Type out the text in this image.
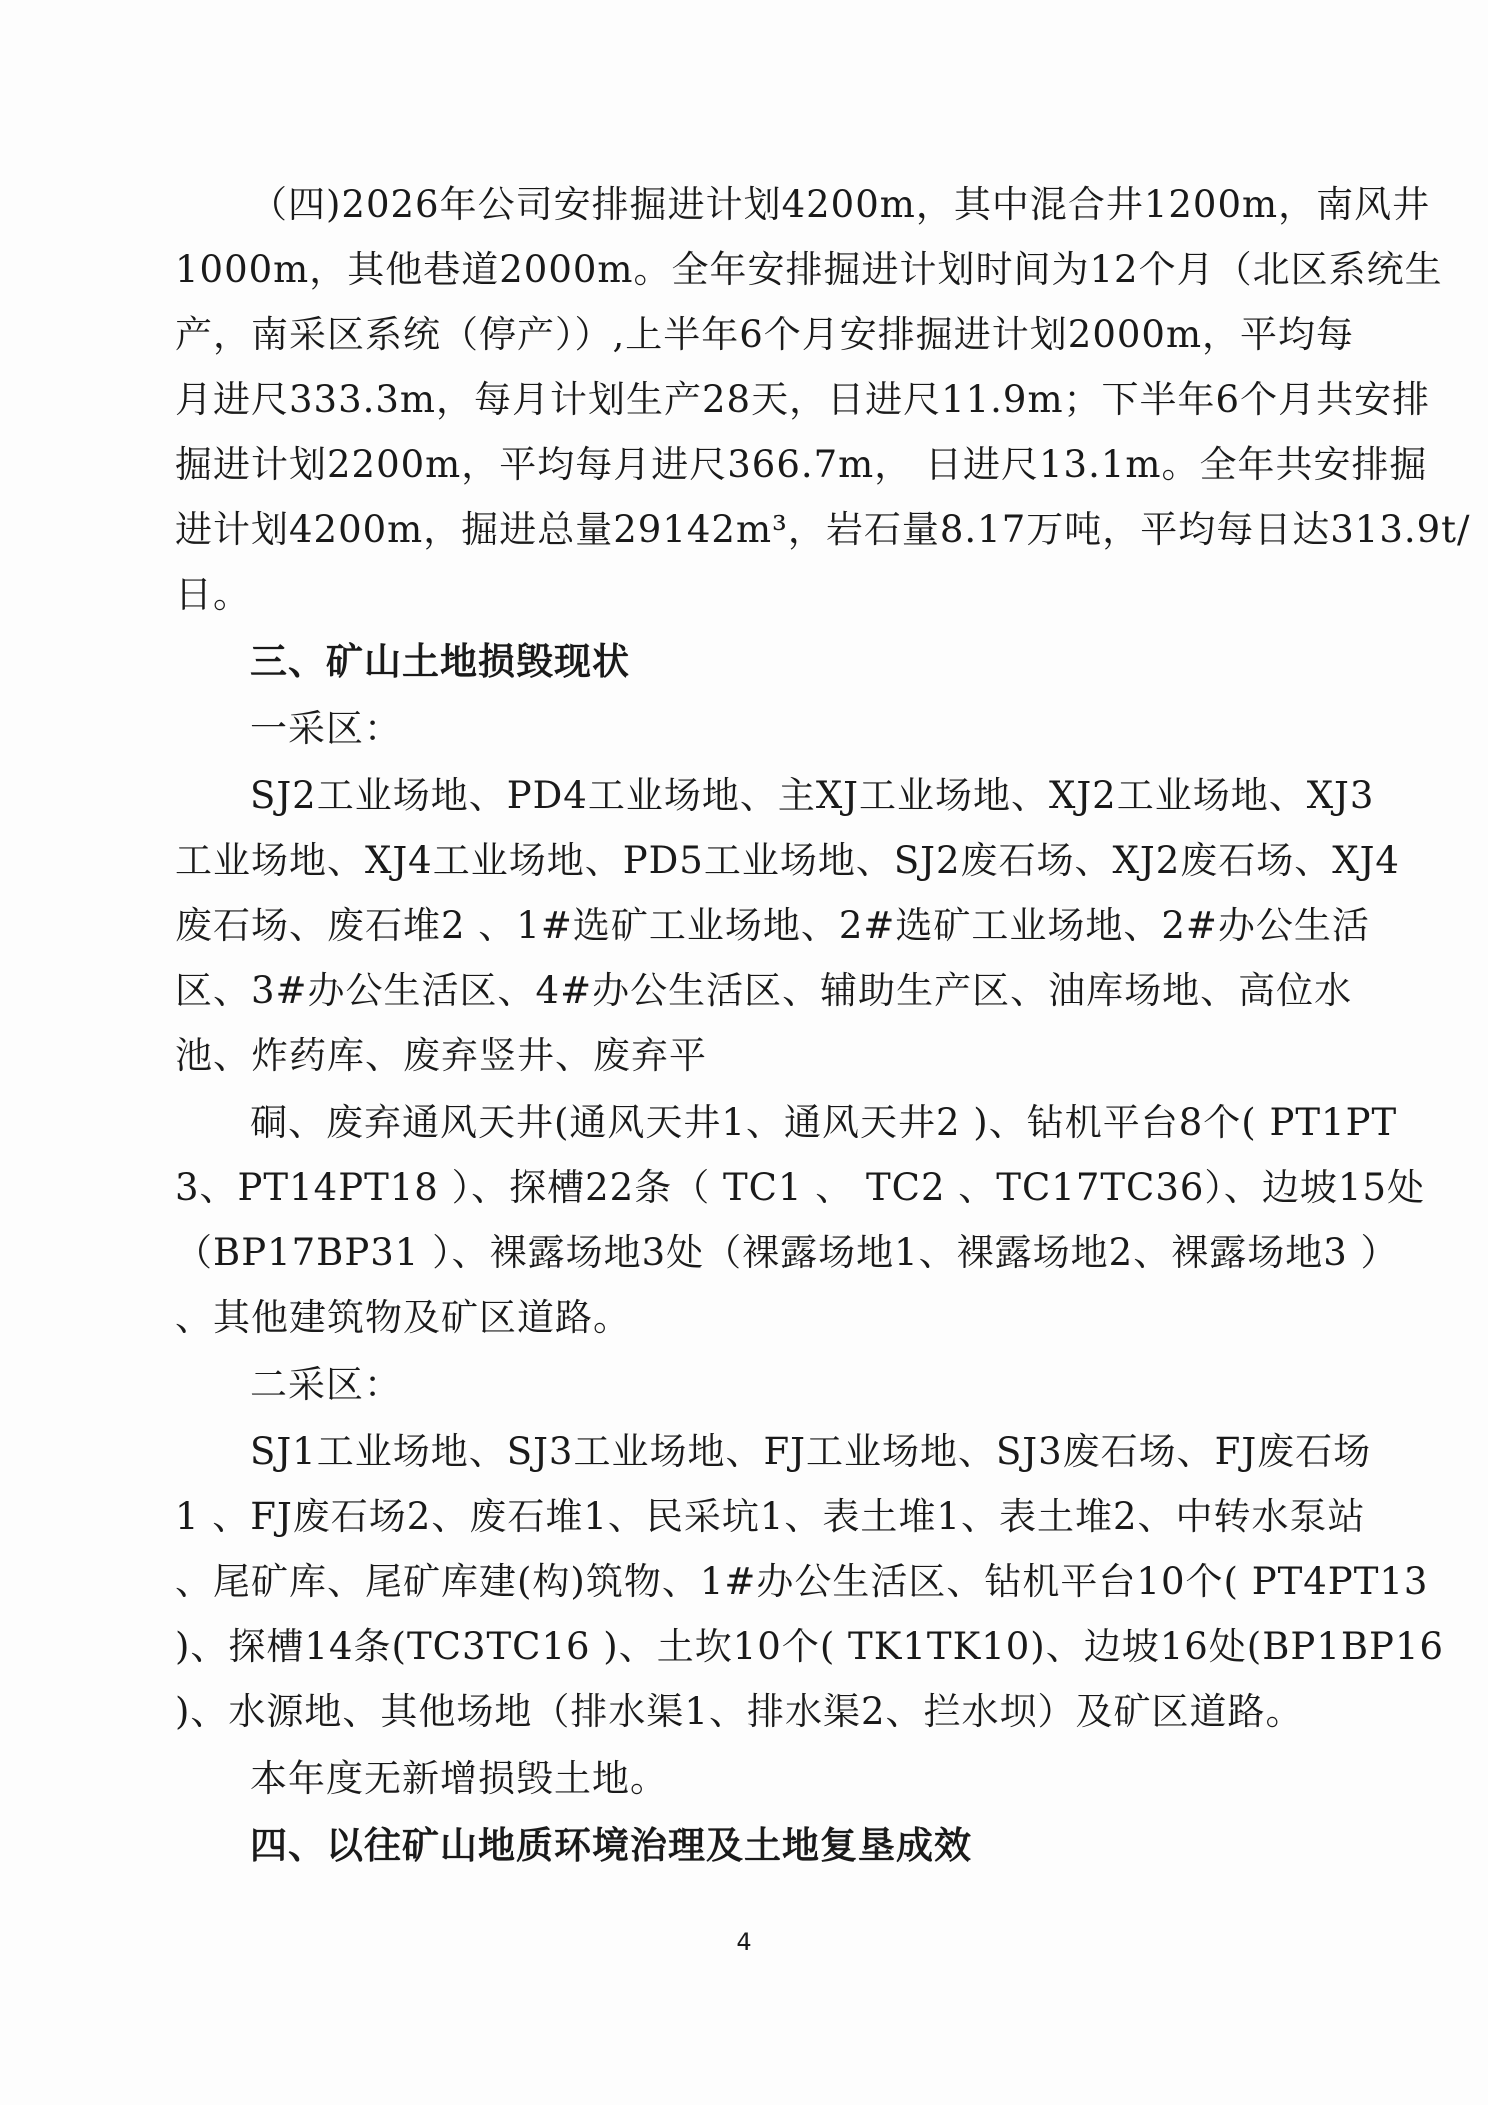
（四)2026年公司安排掘进计划4200m，其中混合井1200m，南风井
1000m，其他巷道2000m。全年安排掘进计划时间为12个月（北区系统生
产，南采区系统（停产））,上半年6个月安排掘进计划2000m，平均每
月进尺333.3m，每月计划生产28天，日进尺11.9m；下半年6个月共安排
掘进计划2200m，平均每月进尺366.7m， 日进尺13.1m。全年共安排掘
进计划4200m，掘进总量29142m³，岩石量8.17万吨，平均每日达313.9t/
日。
三、矿山土地损毁现状
一采区：
SJ2工业场地、PD4工业场地、主XJ工业场地、XJ2工业场地、XJ3
工业场地、XJ4工业场地、PD5工业场地、SJ2废石场、XJ2废石场、XJ4
废石场、废石堆2 、1#选矿工业场地、2#选矿工业场地、2#办公生活
区、3#办公生活区、4#办公生活区、辅助生产区、油库场地、高位水
池、炸药库、废弃竖井、废弃平
硐、废弃通风天井(通风天井1、通风天井2 )、钻机平台8个( PT1PT
3、PT14PT18 ）、探槽22条（ TC1 、 TC2 、TC17TC36）、边坡15处
（BP17BP31 ）、裸露场地3处（裸露场地1、裸露场地2、裸露场地3 ）
、其他建筑物及矿区道路。
二采区：
SJ1工业场地、SJ3工业场地、FJ工业场地、SJ3废石场、FJ废石场
1 、FJ废石场2、废石堆1、民采坑1、表土堆1、表土堆2、中转水泵站
、尾矿库、尾矿库建(构)筑物、1#办公生活区、钻机平台10个( PT4PT13
)、探槽14条(TC3TC16 )、土坎10个( TK1TK10)、边坡16处(BP1BP16
)、水源地、其他场地（排水渠1、排水渠2、拦水坝）及矿区道路。
本年度无新增损毁土地。
四、以往矿山地质环境治理及土地复垦成效
4
